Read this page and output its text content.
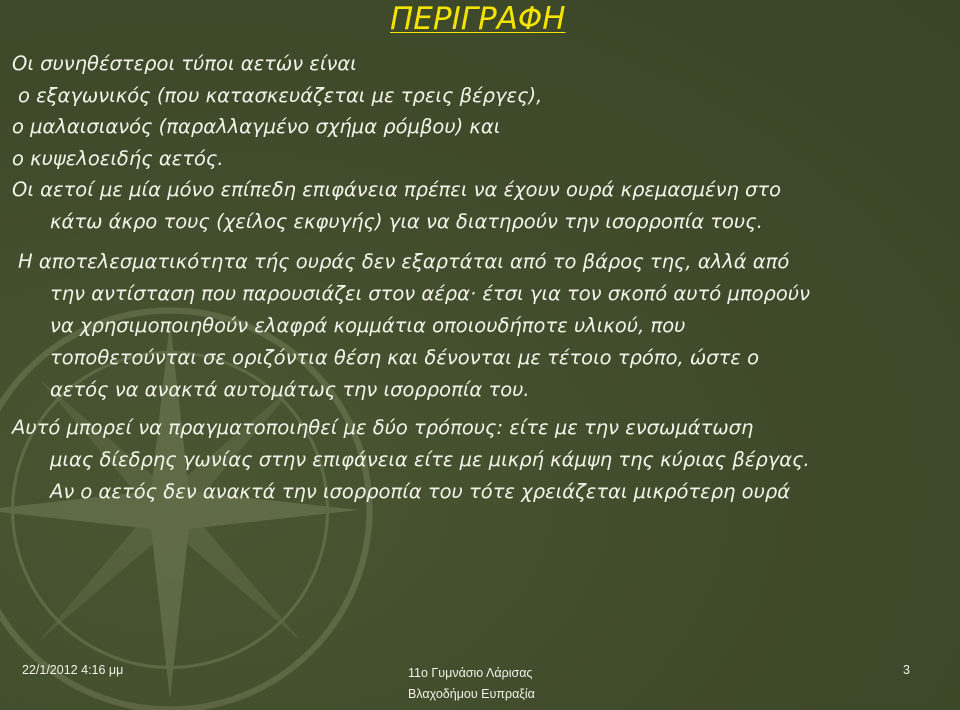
ΠΕΡΙΓΡΑΦΗ
Οι συνηθέστεροι τύποι αετών είναι
ο εξαγωνικός (που κατασκευάζεται με τρεις βέργες),
ο μαλαισιανός (παραλλαγμένο σχήμα ρόμβου) και
ο κυψελοειδής αετός.
Οι αετοί με μία μόνο επίπεδη επιφάνεια πρέπει να έχουν ουρά κρεμασμένη στο
κάτω άκρο τους (χείλος εκφυγής) για να διατηρούν την ισορροπία τους.
Η αποτελεσματικότητα τής ουράς δεν εξαρτάται από το βάρος της, αλλά από
την αντίσταση που παρουσιάζει στον αέρα· έτσι για τον σκοπό αυτό μπορούν
να χρησιμοποιηθούν ελαφρά κομμάτια οποιουδήποτε υλικού, που
τοποθετούνται σε οριζόντια θέση και δένονται με τέτοιο τρόπο, ώστε ο
αετός να ανακτά αυτομάτως την ισορροπία του.
Αυτό μπορεί να πραγματοποιηθεί με δύο τρόπους: είτε με την ενσωμάτωση
μιας δίεδρης γωνίας στην επιφάνεια είτε με μικρή κάμψη της κύριας βέργας.
Αν ο αετός δεν ανακτά την ισορροπία του τότε χρειάζεται μικρότερη ουρά
22/1/2012 4:16 μμ	11ο Γυμνάσιο Λάρισας
Βλαχοδήμου Ευπραξία
3
